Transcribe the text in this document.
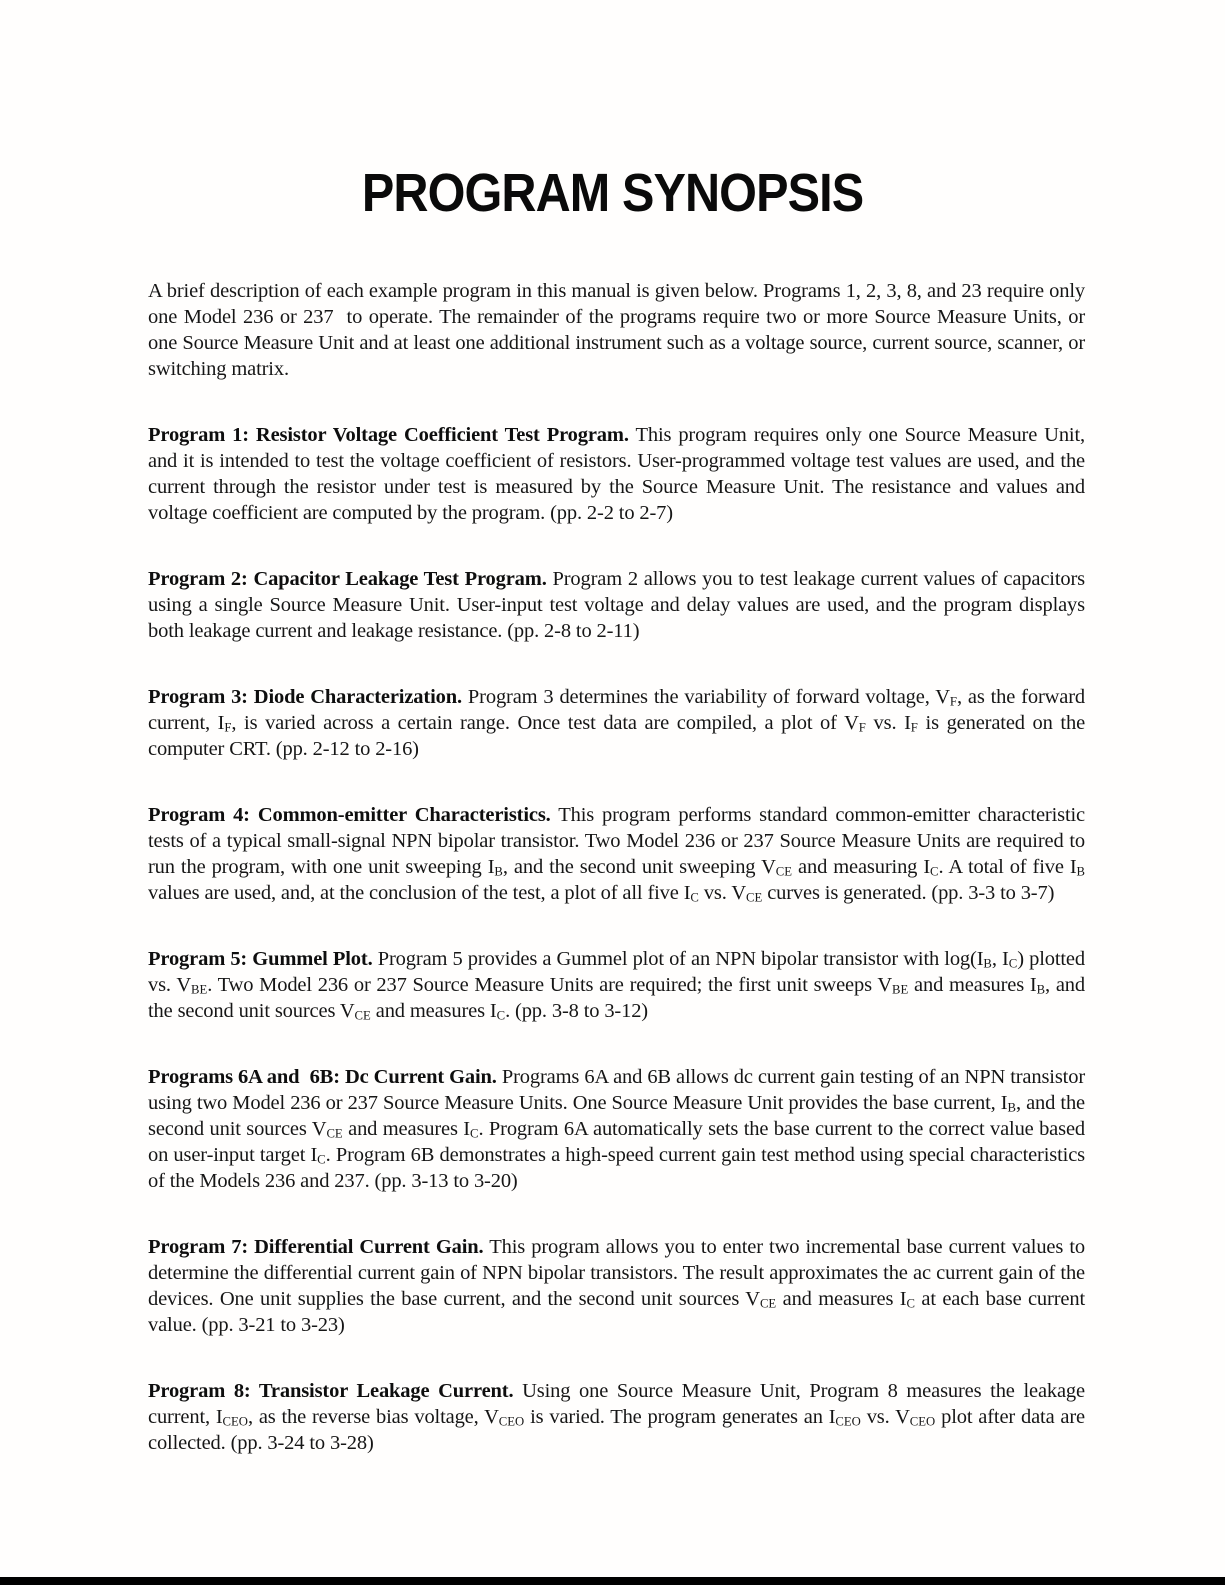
PROGRAM SYNOPSIS

A brief description of each example program in this manual is given below. Programs 1, 2, 3, 8, and 23 require only one Model 236 or 237  to operate. The remainder of the programs require two or more Source Measure Units, or one Source Measure Unit and at least one additional instrument such as a voltage source, current source, scanner, or switching matrix.

Program 1: Resistor Voltage Coefficient Test Program. This program requires only one Source Measure Unit, and it is intended to test the voltage coefficient of resistors. User-programmed voltage test values are used, and the current through the resistor under test is measured by the Source Measure Unit. The resistance and values and voltage coefficient are computed by the program. (pp. 2-2 to 2-7)

Program 2: Capacitor Leakage Test Program. Program 2 allows you to test leakage current values of capacitors using a single Source Measure Unit. User-input test voltage and delay values are used, and the program displays both leakage current and leakage resistance. (pp. 2-8 to 2-11)

Program 3: Diode Characterization. Program 3 determines the variability of forward voltage, $V_F$, as the forward current, $I_F$, is varied across a certain range. Once test data are compiled, a plot of $V_F$ vs. $I_F$ is generated on the computer CRT. (pp. 2-12 to 2-16)

Program 4: Common-emitter Characteristics. This program performs standard common-emitter characteristic tests of a typical small-signal NPN bipolar transistor. Two Model 236 or 237 Source Measure Units are required to run the program, with one unit sweeping $I_B$, and the second unit sweeping $V_{CE}$ and measuring $I_C$. A total of five $I_B$ values are used, and, at the conclusion of the test, a plot of all five $I_C$ vs. $V_{CE}$ curves is generated. (pp. 3-3 to 3-7)

Program 5: Gummel Plot. Program 5 provides a Gummel plot of an NPN bipolar transistor with $\log(I_B$, $I_C$) plotted vs. $V_{BE}$. Two Model 236 or 237 Source Measure Units are required; the first unit sweeps $V_{BE}$ and measures $I_B$, and the second unit sources $V_{CE}$ and measures $I_C$. (pp. 3-8 to 3-12)

Programs 6A and  6B: Dc Current Gain. Programs 6A and 6B allows dc current gain testing of an NPN transistor using two Model 236 or 237 Source Measure Units. One Source Measure Unit provides the base current, $I_B$, and the second unit sources $V_{CE}$ and measures $I_C$. Program 6A automatically sets the base current to the correct value based on user-input target $I_C$. Program 6B demonstrates a high-speed current gain test method using special characteristics of the Models 236 and 237. (pp. 3-13 to 3-20)

Program 7: Differential Current Gain. This program allows you to enter two incremental base current values to determine the differential current gain of NPN bipolar transistors. The result approximates the ac current gain of the devices. One unit supplies the base current, and the second unit sources $V_{CE}$ and measures $I_C$ at each base current value. (pp. 3-21 to 3-23)

Program 8: Transistor Leakage Current. Using one Source Measure Unit, Program 8 measures the leakage current, $I_{CEO}$, as the reverse bias voltage, $V_{CEO}$ is varied. The program generates an $I_{CEO}$ vs. $V_{CEO}$ plot after data are collected. (pp. 3-24 to 3-28)
